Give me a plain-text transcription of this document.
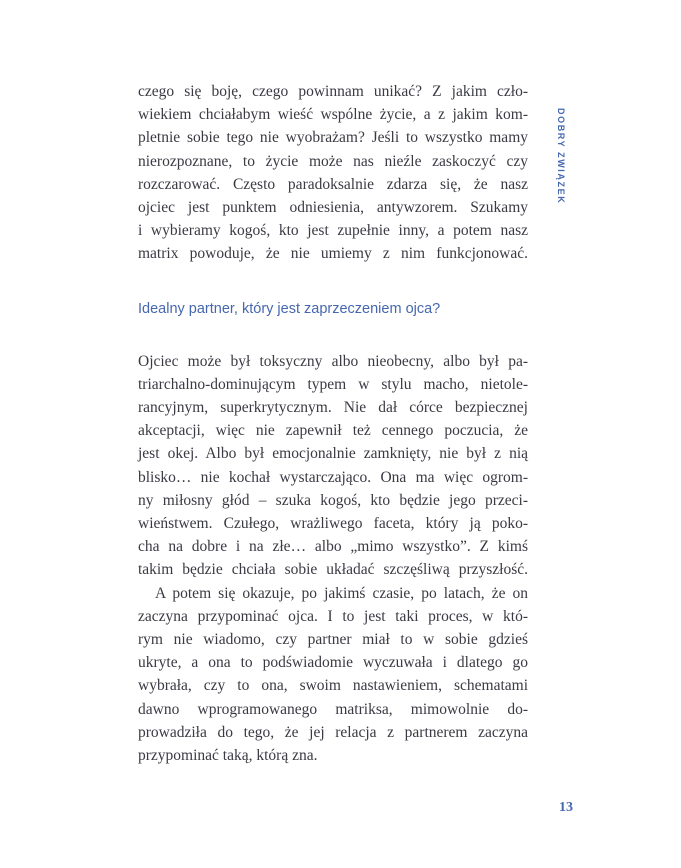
czego się boję, czego powinnam unikać? Z jakim czło-
wiekiem chciałabym wieść wspólne życie, a z jakim kom-
pletnie sobie tego nie wyobrażam? Jeśli to wszystko mamy
nierozpoznane, to życie może nas nieźle zaskoczyć czy
rozczarować. Często paradoksalnie zdarza się, że nasz
ojciec jest punktem odniesienia, antywzorem. Szukamy
i wybieramy kogoś, kto jest zupełnie inny, a potem nasz
matrix powoduje, że nie umiemy z nim funkcjonować.
Idealny partner, który jest zaprzeczeniem ojca?
Ojciec może był toksyczny albo nieobecny, albo był pa-
triarchalno-dominującym typem w stylu macho, nietole-
rancyjnym, superkrytycznym. Nie dał córce bezpiecznej
akceptacji, więc nie zapewnił też cennego poczucia, że
jest okej. Albo był emocjonalnie zamknięty, nie był z nią
blisko… nie kochał wystarczająco. Ona ma więc ogrom-
ny miłosny głód – szuka kogoś, kto będzie jego przeci-
wieństwem. Czułego, wrażliwego faceta, który ją poko-
cha na dobre i na złe… albo „mimo wszystko”. Z kimś
takim będzie chciała sobie układać szczęśliwą przyszłość.
A potem się okazuje, po jakimś czasie, po latach, że on
zaczyna przypominać ojca. I to jest taki proces, w któ-
rym nie wiadomo, czy partner miał to w sobie gdzieś
ukryte, a ona to podświadomie wyczuwała i dlatego go
wybrała, czy to ona, swoim nastawieniem, schematami
dawno wprogramowanego matriksa, mimowolnie do-
prowadziła do tego, że jej relacja z partnerem zaczyna
przypominać taką, którą zna.
DOBRY ZWIĄZEK
13
